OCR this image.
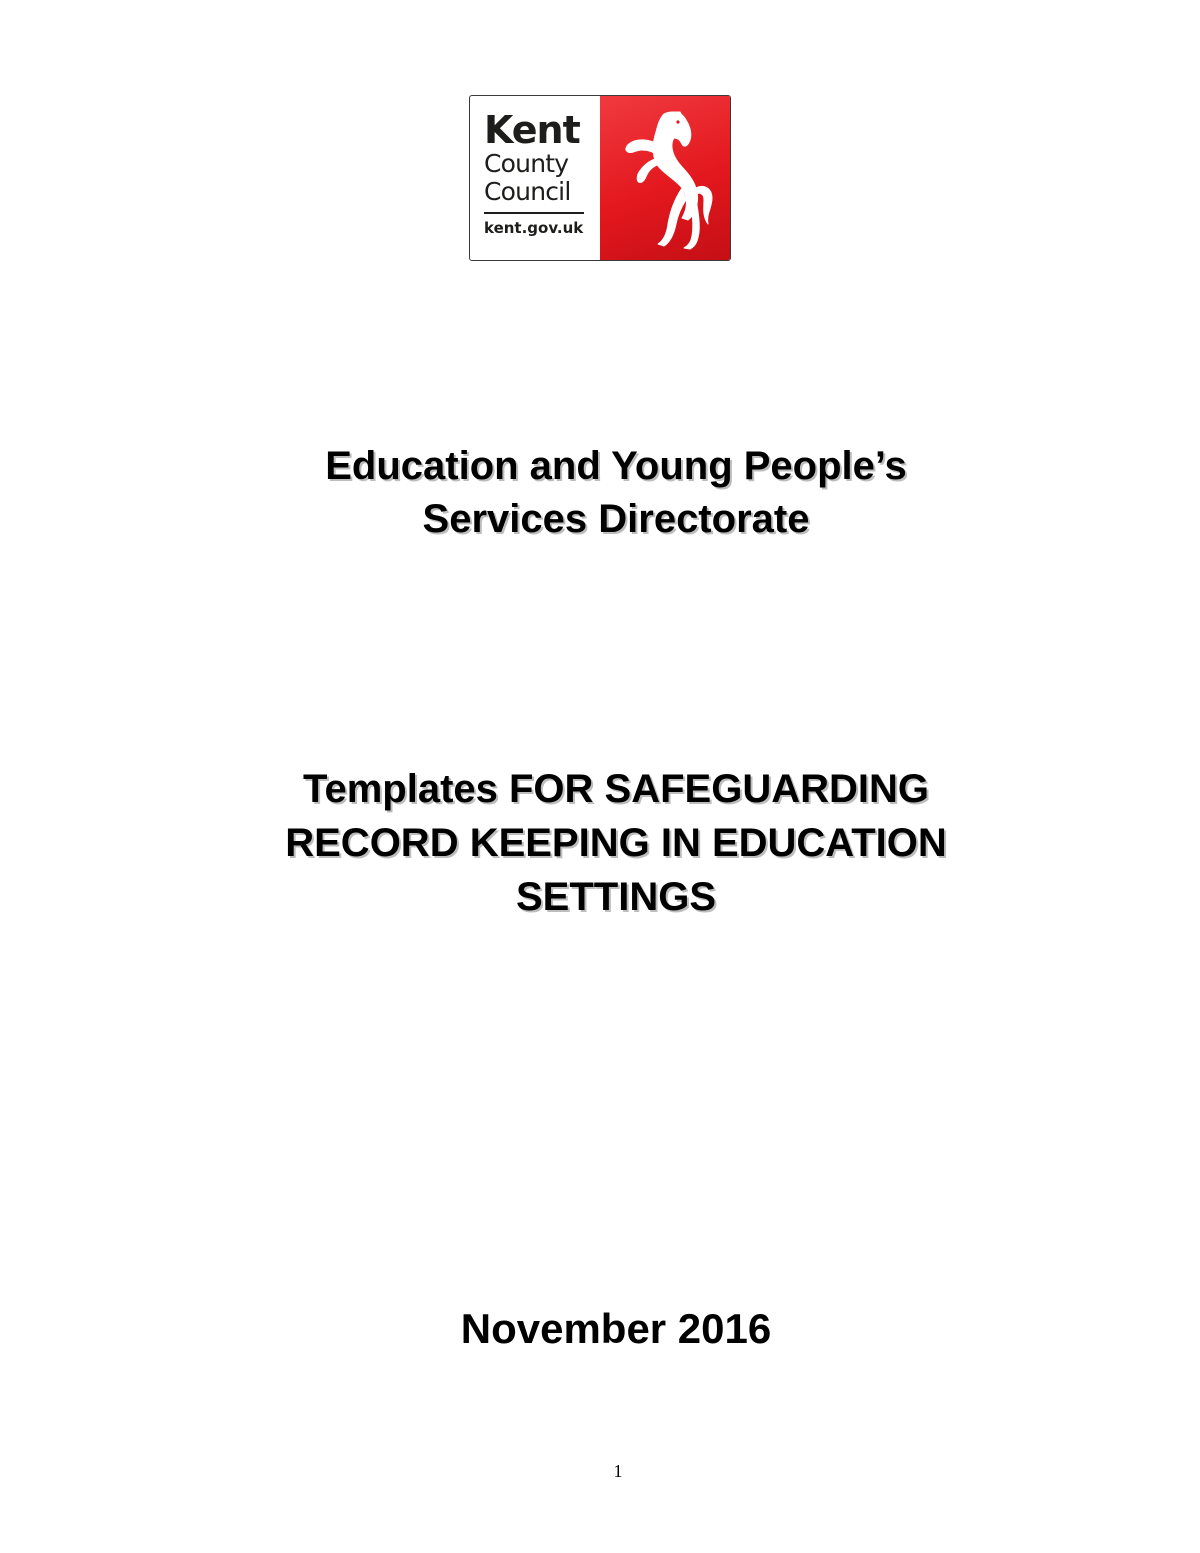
Kent
County
Council
kent.gov.uk
Education and Young People’s
Services Directorate
Templates FOR SAFEGUARDING
RECORD KEEPING IN EDUCATION
SETTINGS
November 2016
1
